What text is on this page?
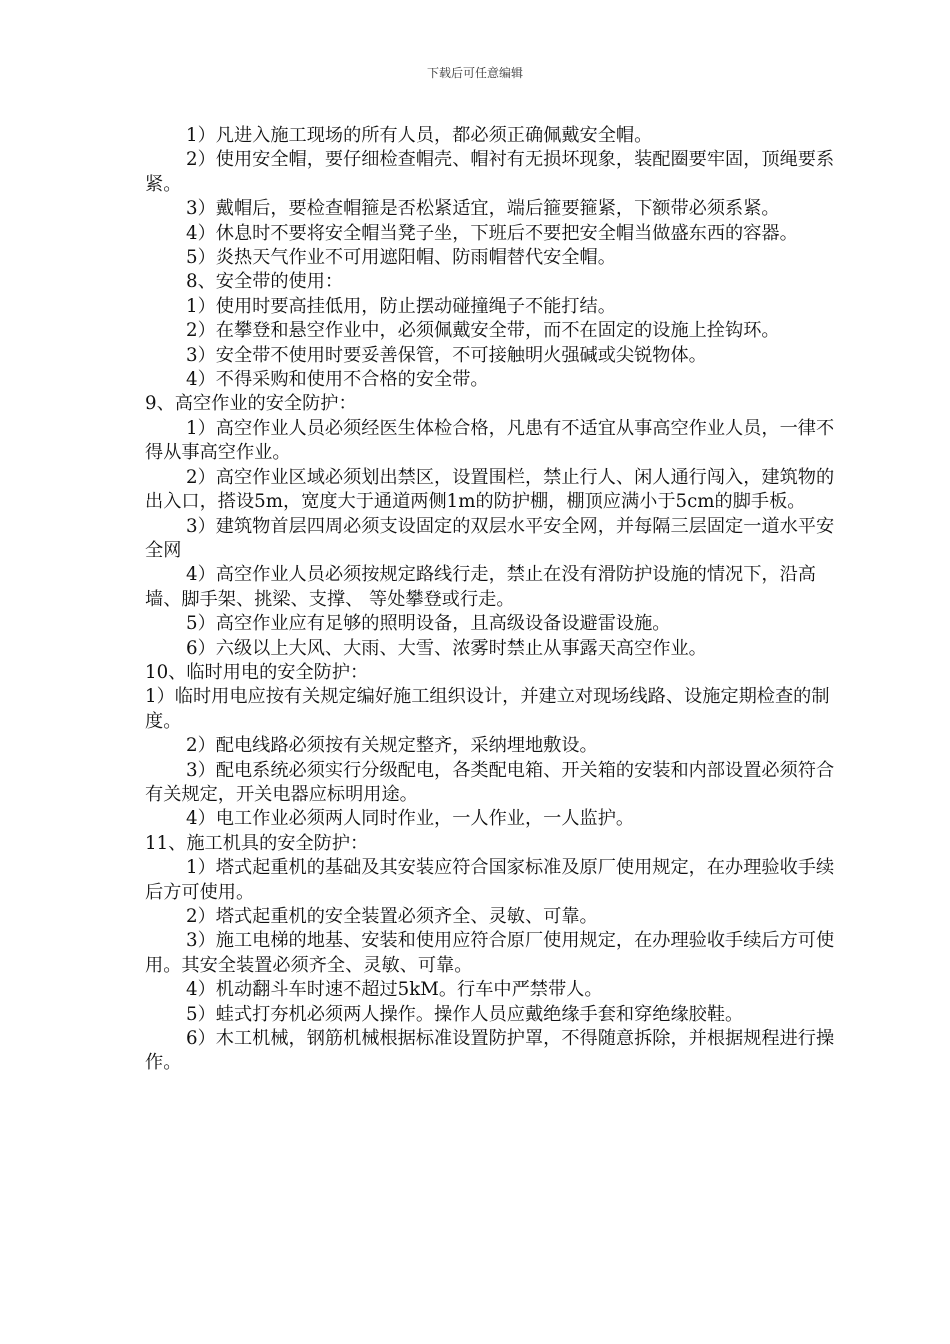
下载后可任意编辑

1）凡进入施工现场的所有人员，都必须正确佩戴安全帽。

2）使用安全帽，要仔细检查帽壳、帽衬有无损坏现象，装配圈要牢固，顶绳要系紧。

3）戴帽后，要检查帽箍是否松紧适宜，端后箍要箍紧，下额带必须系紧。

4）休息时不要将安全帽当凳子坐，下班后不要把安全帽当做盛东西的容器。

5）炎热天气作业不可用遮阳帽、防雨帽替代安全帽。

8、安全带的使用：

1）使用时要高挂低用，防止摆动碰撞绳子不能打结。

2）在攀登和悬空作业中，必须佩戴安全带，而不在固定的设施上拴钩环。

3）安全带不使用时要妥善保管，不可接触明火强碱或尖锐物体。

4）不得采购和使用不合格的安全带。

9、高空作业的安全防护：

1）高空作业人员必须经医生体检合格，凡患有不适宜从事高空作业人员，一律不得从事高空作业。

2）高空作业区域必须划出禁区，设置围栏，禁止行人、闲人通行闯入，建筑物的出入口，搭设5m，宽度大于通道两侧1m的防护棚，棚顶应满小于5cm的脚手板。

3）建筑物首层四周必须支设固定的双层水平安全网，并每隔三层固定一道水平安全网

4）高空作业人员必须按规定路线行走，禁止在没有滑防护设施的情况下，沿高墙、脚手架、挑梁、支撑、 等处攀登或行走。

5）高空作业应有足够的照明设备，且高级设备设避雷设施。

6）六级以上大风、大雨、大雪、浓雾时禁止从事露天高空作业。

10、临时用电的安全防护：

1）临时用电应按有关规定编好施工组织设计，并建立对现场线路、设施定期检查的制度。

2）配电线路必须按有关规定整齐，采纳埋地敷设。

3）配电系统必须实行分级配电，各类配电箱、开关箱的安装和内部设置必须符合有关规定，开关电器应标明用途。

4）电工作业必须两人同时作业，一人作业，一人监护。

11、施工机具的安全防护：

1）塔式起重机的基础及其安装应符合国家标准及原厂使用规定，在办理验收手续后方可使用。

2）塔式起重机的安全装置必须齐全、灵敏、可靠。

3）施工电梯的地基、安装和使用应符合原厂使用规定，在办理验收手续后方可使用。其安全装置必须齐全、灵敏、可靠。

4）机动翻斗车时速不超过5kM。行车中严禁带人。

5）蛙式打夯机必须两人操作。操作人员应戴绝缘手套和穿绝缘胶鞋。

6）木工机械，钢筋机械根据标准设置防护罩，不得随意拆除，并根据规程进行操作。
